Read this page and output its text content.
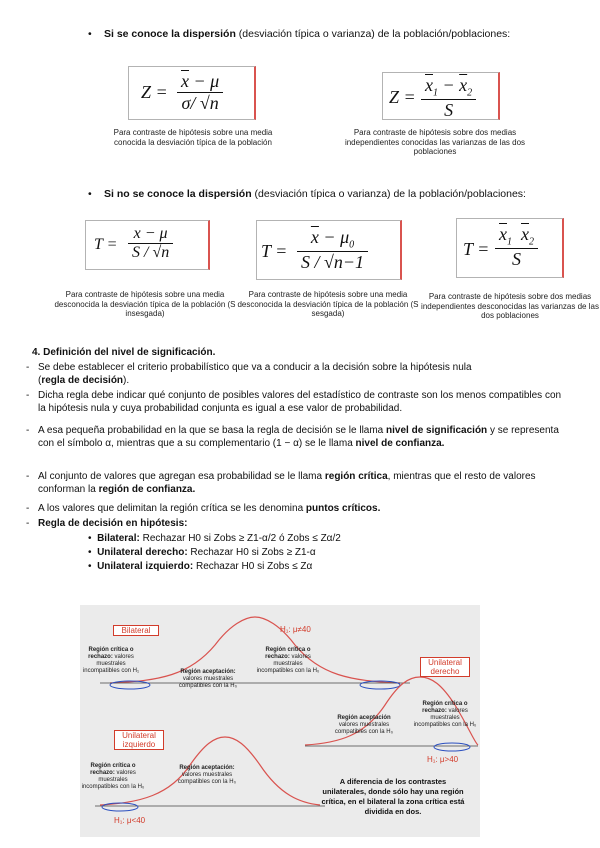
• Si se conoce la dispersión (desviación típica o varianza) de la población/poblaciones:
Z =
$\overline{x} - \mu$
σ/ √n
Para contraste de hipótesis sobre una media conocida la desviación típica de la población
Z =
$\overline{x}_1 - \overline{x}_2$
S
Para contraste de hipótesis sobre dos medias independientes conocidas las varianzas de las dos poblaciones
• Si no se conoce la dispersión (desviación típica o varianza) de la población/poblaciones:
T =
x − μ
$\overline{S} / √n$
Para contraste de hipótesis sobre una media desconocida la desviación típica de la población (S insesgada)
T =
$\overline{x} - \mu_0$
S / √n−1
Para contraste de hipótesis sobre una media desconocida la desviación típica de la población (S sesgada)
T =
$\overline{x}_1$ $\overline{x}_2$
S
Para contraste de hipótesis sobre dos medias independientes desconocidas las varianzas de las dos poblaciones
4. Definición del nivel de significación.
- Se debe establecer el criterio probabilístico que va a conducir a la decisión sobre la hipótesis nula
(regla de decisión).
- Dicha regla debe indicar qué conjunto de posibles valores del estadístico de contraste son los menos compatibles con la hipótesis nula y cuya probabilidad conjunta es igual a ese valor de probabilidad.
- A esa pequeña probabilidad en la que se basa la regla de decisión se le llama nivel de significación y se representa con el símbolo α, mientras que a su complementario (1 − α) se le llama nivel de confianza.
- Al conjunto de valores que agregan esa probabilidad se le llama región crítica, mientras que el resto de valores conforman la región de confianza.
- A los valores que delimitan la región crítica se les denomina puntos críticos.
- Regla de decisión en hipótesis:
•  Bilateral: Rechazar H0 si Zobs ≥ Z1-α/2 ó Zobs ≤ Zα/2
•  Unilateral derecho: Rechazar H0 si Zobs ≥ Z1-α
•  Unilateral izquierdo: Rechazar H0 si Zobs ≤ Zα
Bilateral	H₁: μ≠40
Región crítica o rechazo: valores muestrales incompatibles con H₁	Región aceptación: valores muestrales compatibles con la H₀
Región crítica o rechazo: valores muestrales incompatibles con la H₀
Unilateral
derecho
H₁: μ>40
Región crítica o rechazo: valores muestrales incompatibles con la H₀
Región aceptación valores muestrales compatibles con la H₀
Unilateral
izquierdo
H₁: μ<40
Región crítica o rechazo: valores muestrales incompatibles con la H₀
Región aceptación: valores muestrales compatibles con la H₀	A diferencia de los contrastes unilaterales, donde sólo hay una región crítica, en el bilateral la zona crítica está dividida en dos.
